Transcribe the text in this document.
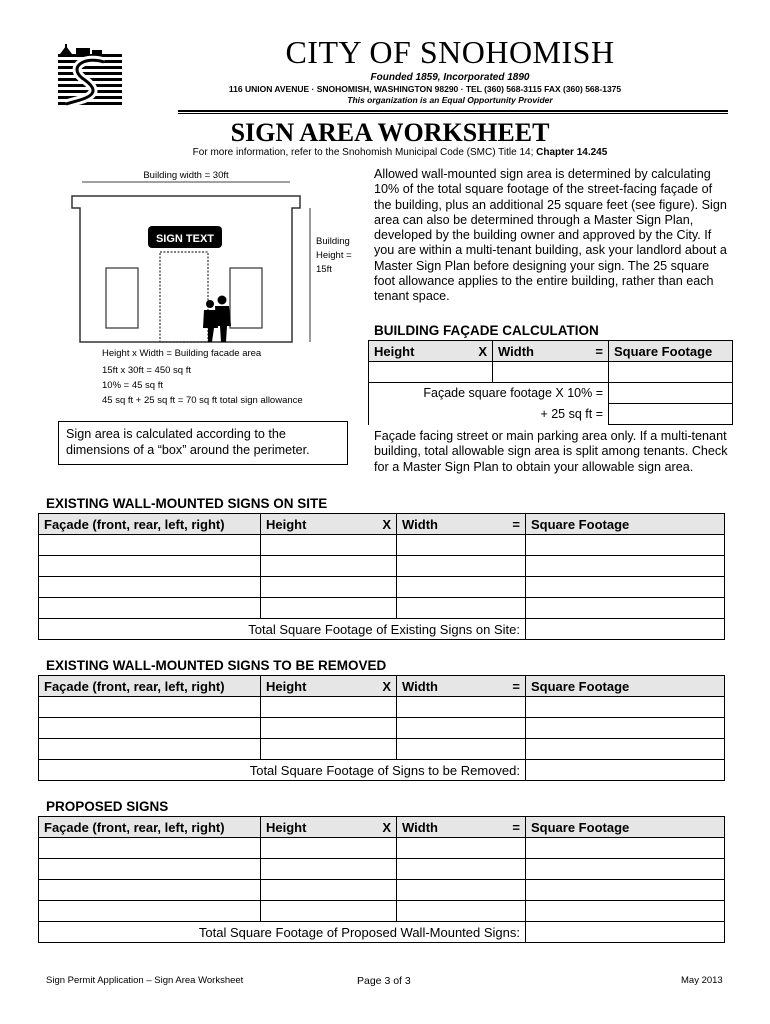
CITY OF SNOHOMISH
Founded 1859, Incorporated 1890
116 UNION AVENUE · SNOHOMISH, WASHINGTON 98290 · TEL (360) 568-3115 FAX (360) 568-1375
This organization is an Equal Opportunity Provider
SIGN AREA WORKSHEET
For more information, refer to the Snohomish Municipal Code (SMC) Title 14; Chapter 14.245
Building width = 30ft
SIGN TEXT	Building
Height =
15ft
Height x Width = Building facade area
15ft x 30ft = 450 sq ft
10% = 45 sq ft
45 sq ft + 25 sq ft = 70 sq ft total sign allowance
Allowed wall-mounted sign area is determined by calculating 10% of the total square footage of the street-facing façade of the building, plus an additional 25 square feet (see figure). Sign area can also be determined through a Master Sign Plan, developed by the building owner and approved by the City. If you are within a multi-tenant building, ask your landlord about a Master Sign Plan before designing your sign. The 25 square foot allowance applies to the entire building, rather than each tenant space.
BUILDING FAÇADE CALCULATION
Height X	Width =	Square Footage

Façade square footage X 10% =		
+ 25 sq ft =		
Sign area is calculated according to the dimensions of a “box” around the perimeter.
Façade facing street or main parking area only. If a multi-tenant building, total allowable sign area is split among tenants. Check for a Master Sign Plan to obtain your allowable sign area.
EXISTING WALL-MOUNTED SIGNS ON SITE
Façade (front, rear, left, right)	Height X	Width =	Square Footage

Total Square Footage of Existing Signs on Site:			
EXISTING WALL-MOUNTED SIGNS TO BE REMOVED
Façade (front, rear, left, right)	Height X	Width =	Square Footage

Total Square Footage of Signs to be Removed:			
PROPOSED SIGNS
Façade (front, rear, left, right)	Height X	Width =	Square Footage

Total Square Footage of Proposed Wall-Mounted Signs:			
Sign Permit Application – Sign Area Worksheet	Page 3 of 3	May 2013
